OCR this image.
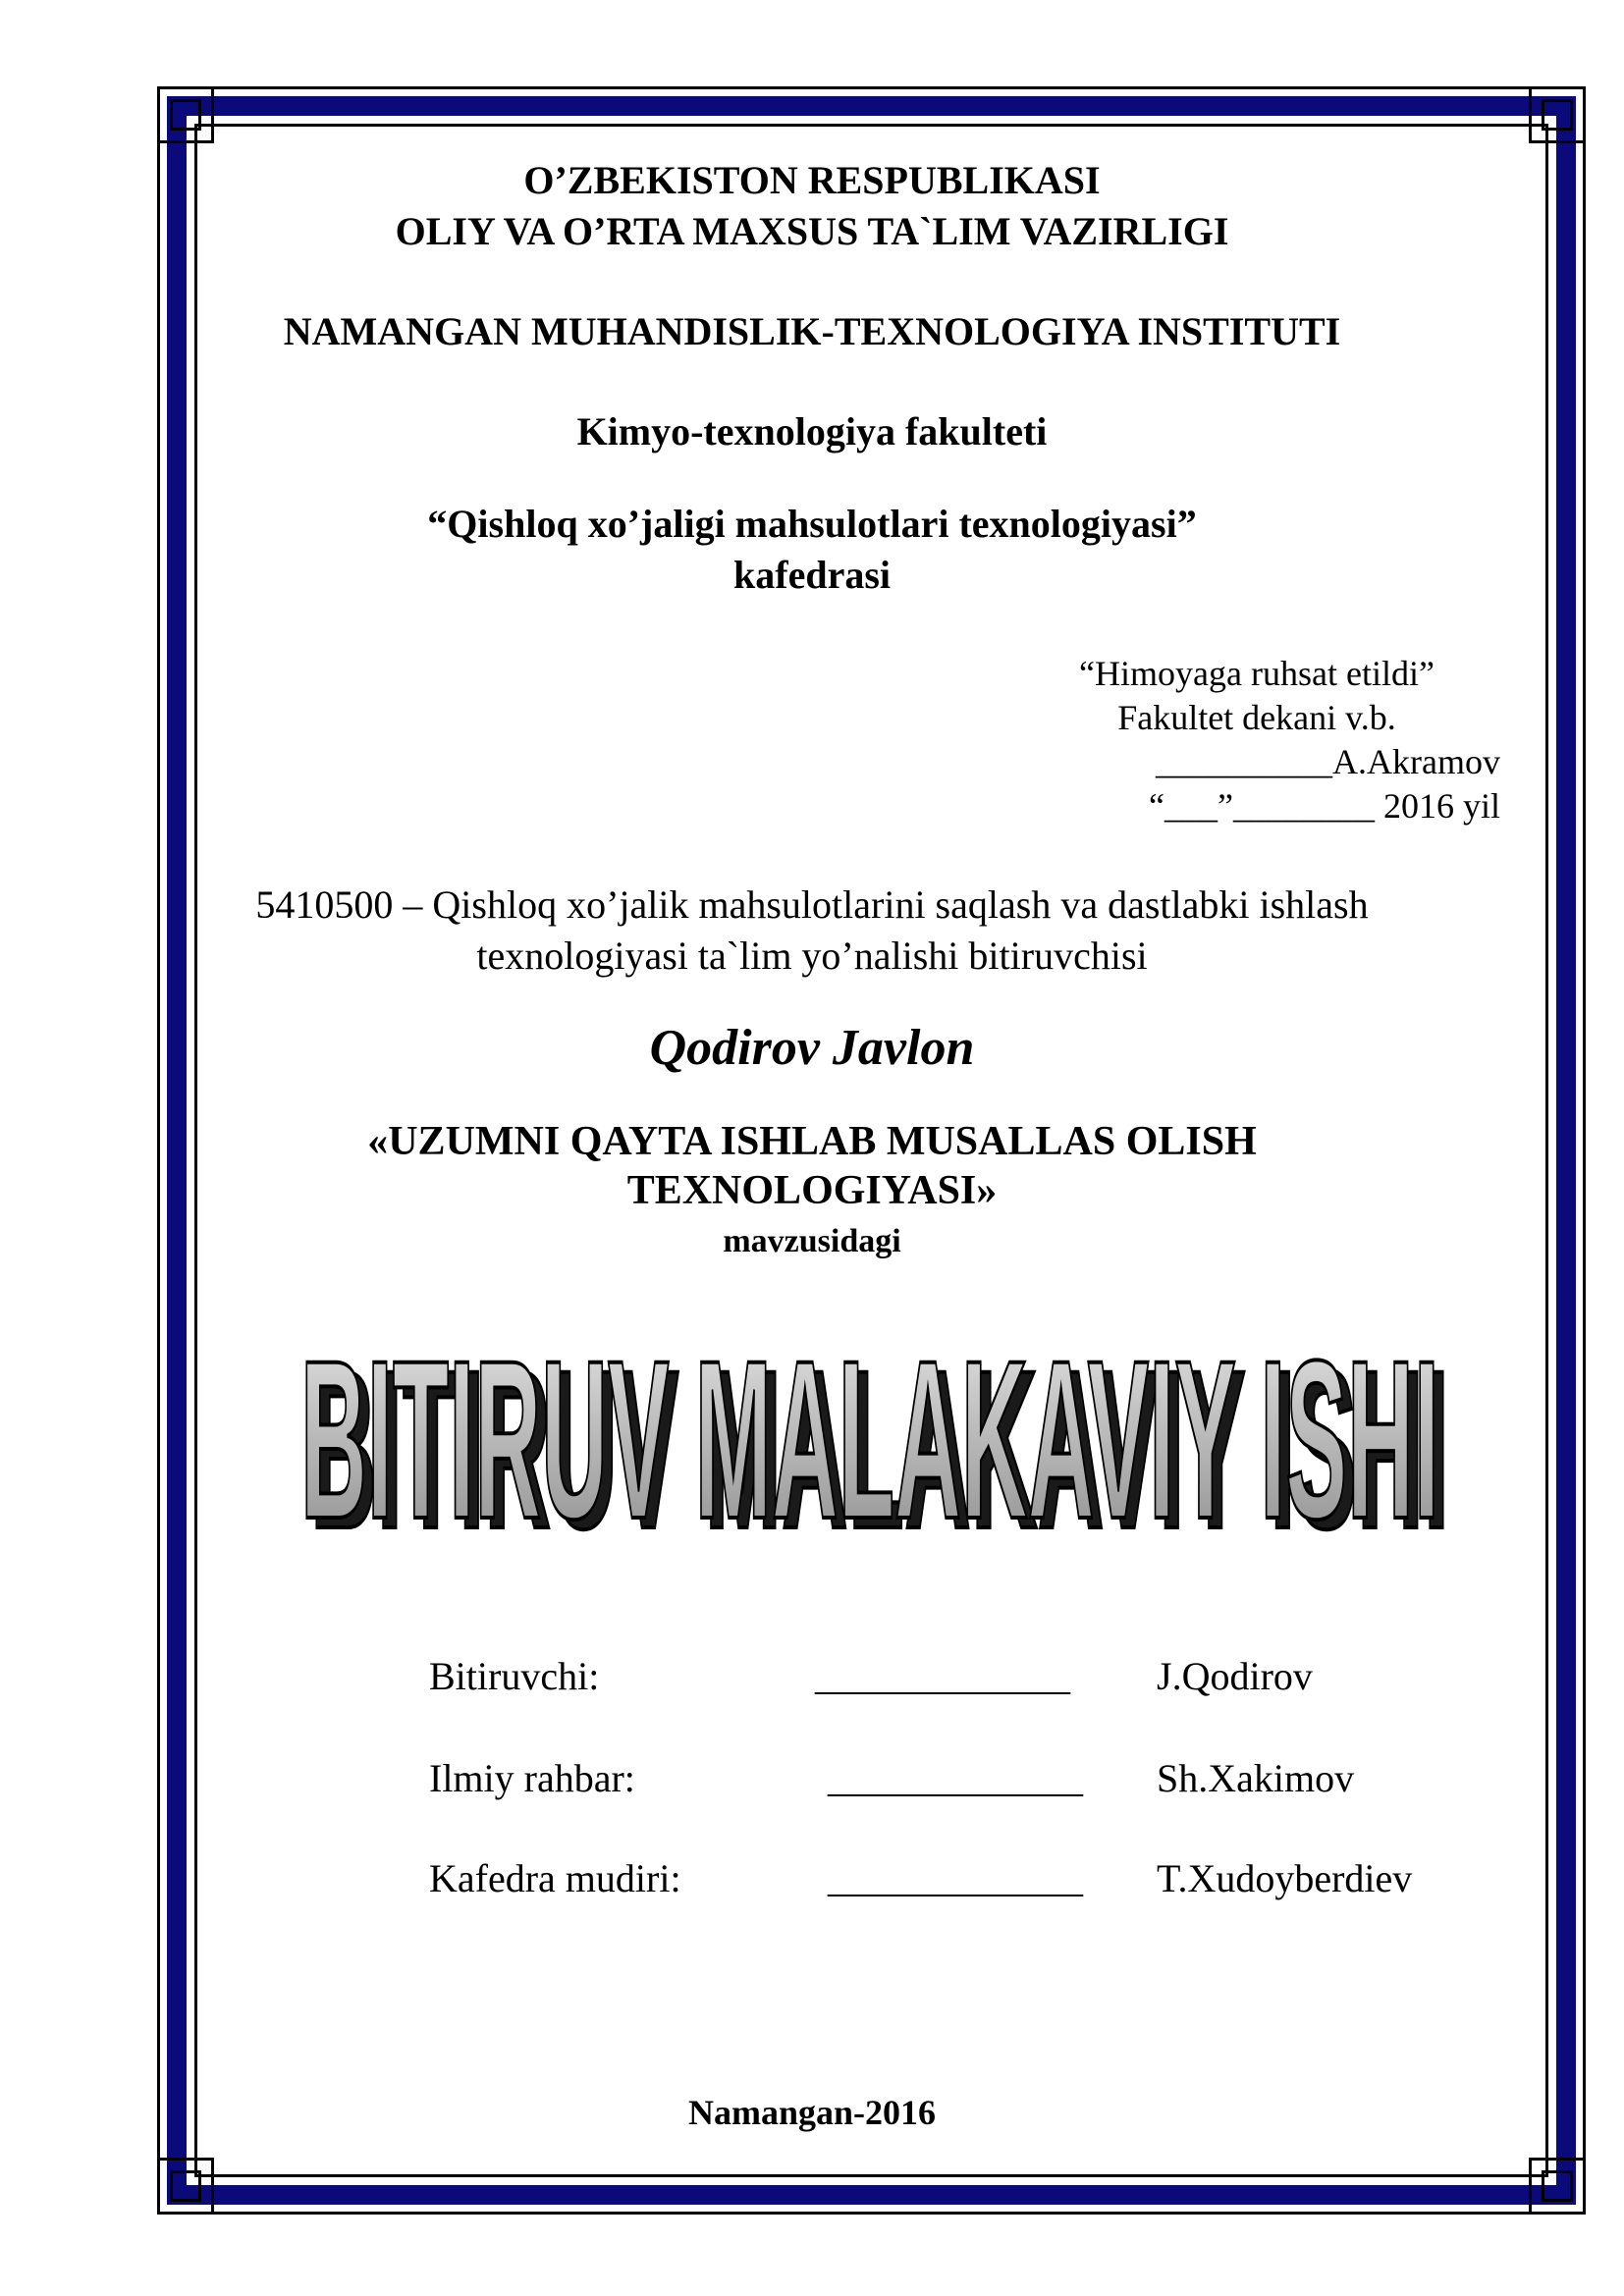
O’ZBEKISTON RESPUBLIKASI
OLIY VA O’RTA MAXSUS TA`LIM VAZIRLIGI
NAMANGAN MUHANDISLIK-TEXNOLOGIYA INSTITUTI
Kimyo-texnologiya fakulteti
“Qishloq xo’jaligi mahsulotlari texnologiyasi”
kafedrasi
“Himoyaga ruhsat etildi”
Fakultet dekani v.b.
__________A.Akramov
“___”________ 2016 yil
5410500 – Qishloq xo’jalik mahsulotlarini saqlash va dastlabki ishlash
texnologiyasi ta`lim yo’nalishi bitiruvchisi
Qodirov Javlon
«UZUMNI QAYTA ISHLAB MUSALLAS OLISH
TEXNOLOGIYASI»
mavzusidagi
BITIRUV MALAKAVIY ISHI
BITIRUV MALAKAVIY ISHI
Bitiruvchi:	_____________ J.Qodirov
Ilmiy rahbar:	_____________ Sh.Xakimov
Kafedra mudiri:	_____________ T.Xudoyberdiev
Namangan-2016
